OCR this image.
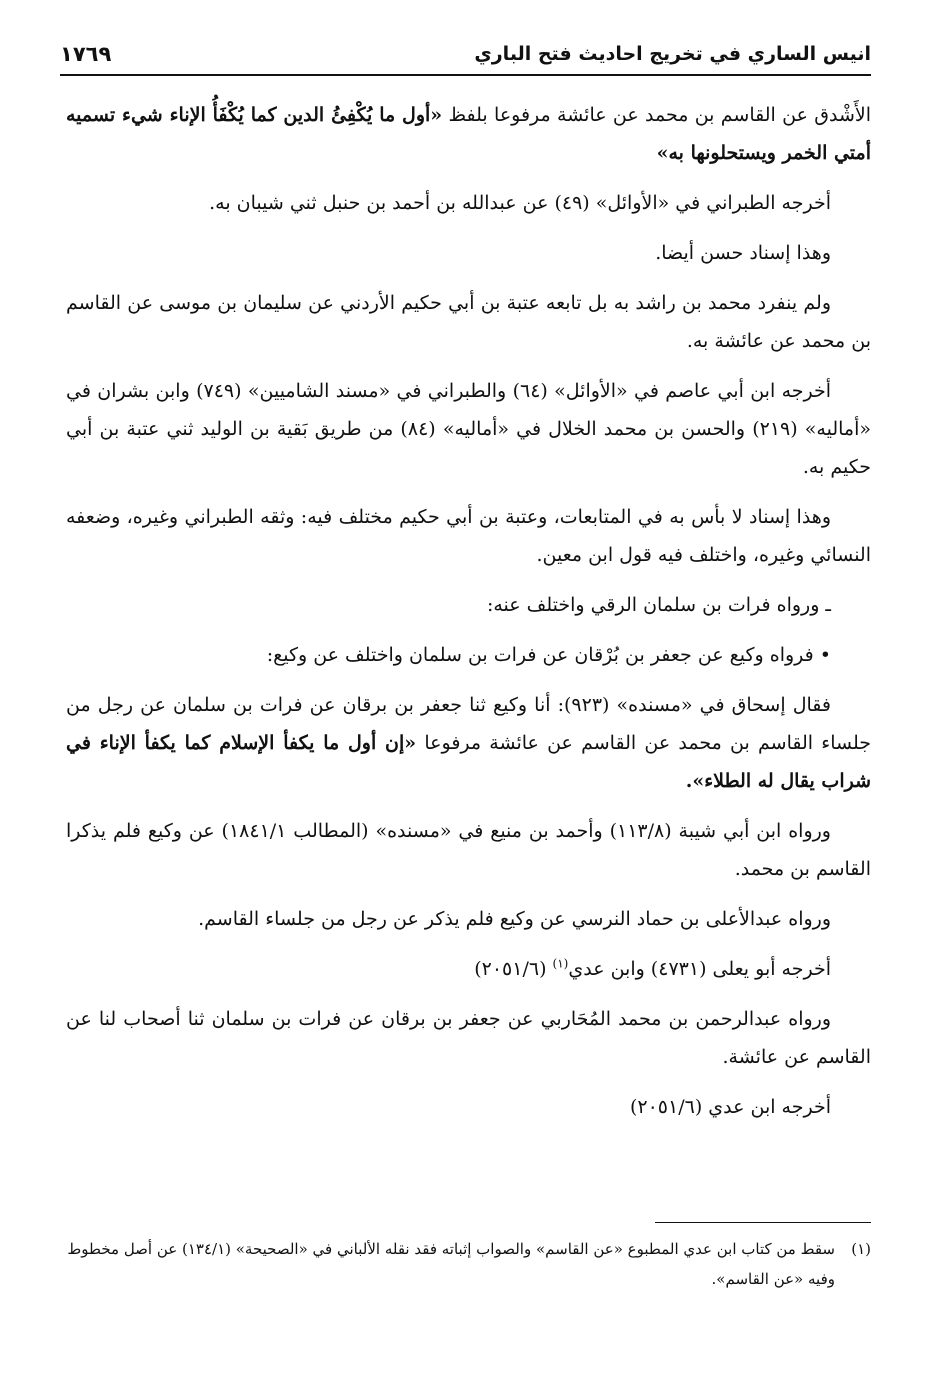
انيس الساري في تخريج احاديث فتح الباري
١٧٦٩

الأَشْدق عن القاسم بن محمد عن عائشة مرفوعا بلفظ «أول ما يُكْفِئُ الدين كما يُكْفَأُ الإناء شيء تسميه أمتي الخمر ويستحلونها به»

أخرجه الطبراني في «الأوائل» (٤٩) عن عبدالله بن أحمد بن حنبل ثني شيبان به.

وهذا إسناد حسن أيضا.

ولم ينفرد محمد بن راشد به بل تابعه عتبة بن أبي حكيم الأردني عن سليمان بن موسى عن القاسم بن محمد عن عائشة به.

أخرجه ابن أبي عاصم في «الأوائل» (٦٤) والطبراني في «مسند الشاميين» (٧٤٩) وابن بشران في «أماليه» (٢١٩) والحسن بن محمد الخلال في «أماليه» (٨٤) من طريق بَقية بن الوليد ثني عتبة بن أبي حكيم به.

وهذا إسناد لا بأس به في المتابعات، وعتبة بن أبي حكيم مختلف فيه: وثقه الطبراني وغيره، وضعفه النسائي وغيره، واختلف فيه قول ابن معين.

ـ ورواه فرات بن سلمان الرقي واختلف عنه:

• فرواه وكيع عن جعفر بن بُرْقان عن فرات بن سلمان واختلف عن وكيع:

فقال إسحاق في «مسنده» (٩٢٣): أنا وكيع ثنا جعفر بن برقان عن فرات بن سلمان عن رجل من جلساء القاسم بن محمد عن القاسم عن عائشة مرفوعا «إن أول ما يكفأ الإسلام كما يكفأ الإناء في شراب يقال له الطلاء».

ورواه ابن أبي شيبة (١١٣/٨) وأحمد بن منيع في «مسنده» (المطالب ١٨٤١/١) عن وكيع فلم يذكرا القاسم بن محمد.

ورواه عبدالأعلى بن حماد النرسي عن وكيع فلم يذكر عن رجل من جلساء القاسم.

أخرجه أبو يعلى (٤٧٣١) وابن عدي$^{(١)}$ (٢٠٥١/٦)

ورواه عبدالرحمن بن محمد المُحَاربي عن جعفر بن برقان عن فرات بن سلمان ثنا أصحاب لنا عن القاسم عن عائشة.

أخرجه ابن عدي (٢٠٥١/٦)

(١)
سقط من كتاب ابن عدي المطبوع «عن القاسم» والصواب إثباته فقد نقله الألباني في «الصحيحة» (١٣٤/١) عن أصل مخطوط وفيه «عن القاسم».
